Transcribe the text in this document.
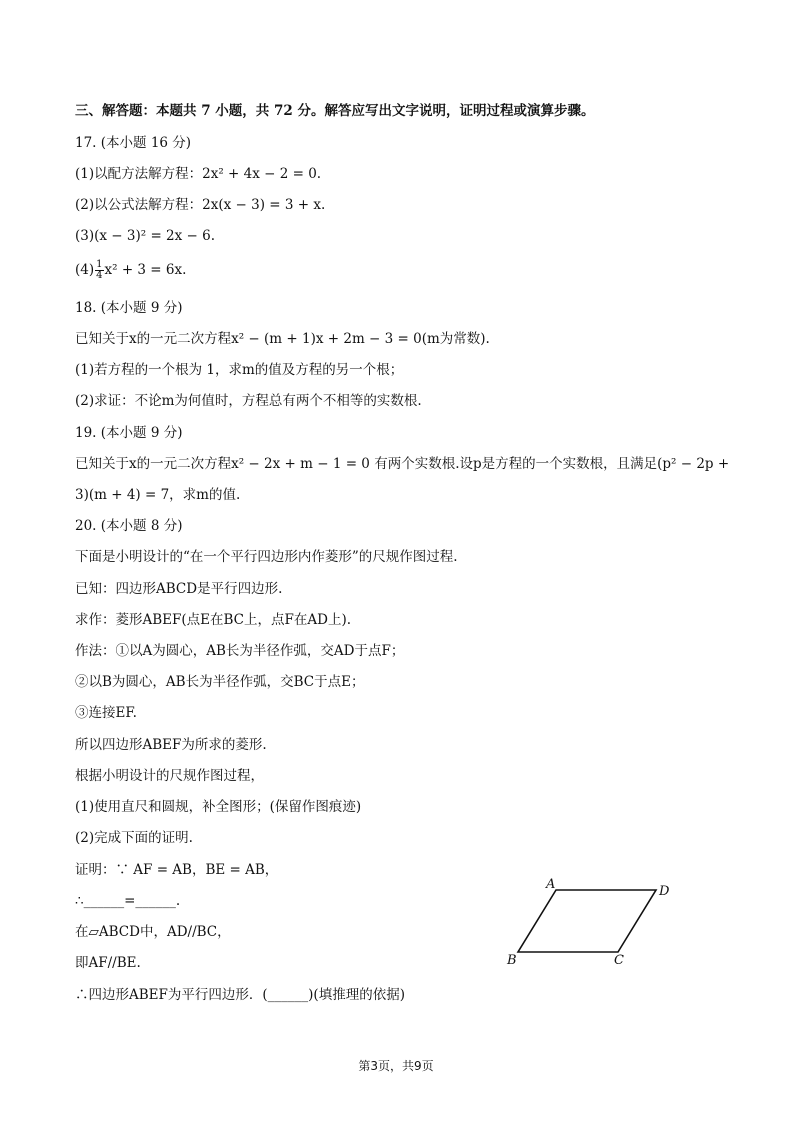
三、解答题：本题共 7 小题，共 72 分。解答应写出文字说明，证明过程或演算步骤。
17. (本小题 16 分)
(1)以配方法解方程：2x² + 4x − 2 = 0.
(2)以公式法解方程：2x(x − 3) = 3 + x.
(3)(x − 3)² = 2x − 6.
$(4) \frac{1}{4} x^2 + 3 = 6x$.
18. (本小题 9 分)
已知关于x的一元二次方程x² − (m + 1)x + 2m − 3 = 0(m为常数).
(1)若方程的一个根为 1，求m的值及方程的另一个根；
(2)求证：不论m为何值时，方程总有两个不相等的实数根.
19. (本小题 9 分)
已知关于x的一元二次方程x² − 2x + m − 1 = 0 有两个实数根.设p是方程的一个实数根，且满足(p² − 2p +
3)(m + 4) = 7，求m的值.
20. (本小题 8 分)
下面是小明设计的“在一个平行四边形内作菱形”的尺规作图过程.
已知：四边形ABCD是平行四边形.
求作：菱形ABEF(点E在BC上，点F在AD上).
作法：①以A为圆心，AB长为半径作弧，交AD于点F；
②以B为圆心，AB长为半径作弧，交BC于点E；
③连接EF.
所以四边形ABEF为所求的菱形.
根据小明设计的尺规作图过程，
(1)使用直尺和圆规，补全图形；(保留作图痕迹)
(2)完成下面的证明.
证明：∵ AF = AB，BE = AB，
∴______=______.
在▱ABCD中，AD//BC，
即AF//BE.
∴四边形ABEF为平行四边形．(______)(填推理的依据)
A	D
B	C
第3页，共9页
